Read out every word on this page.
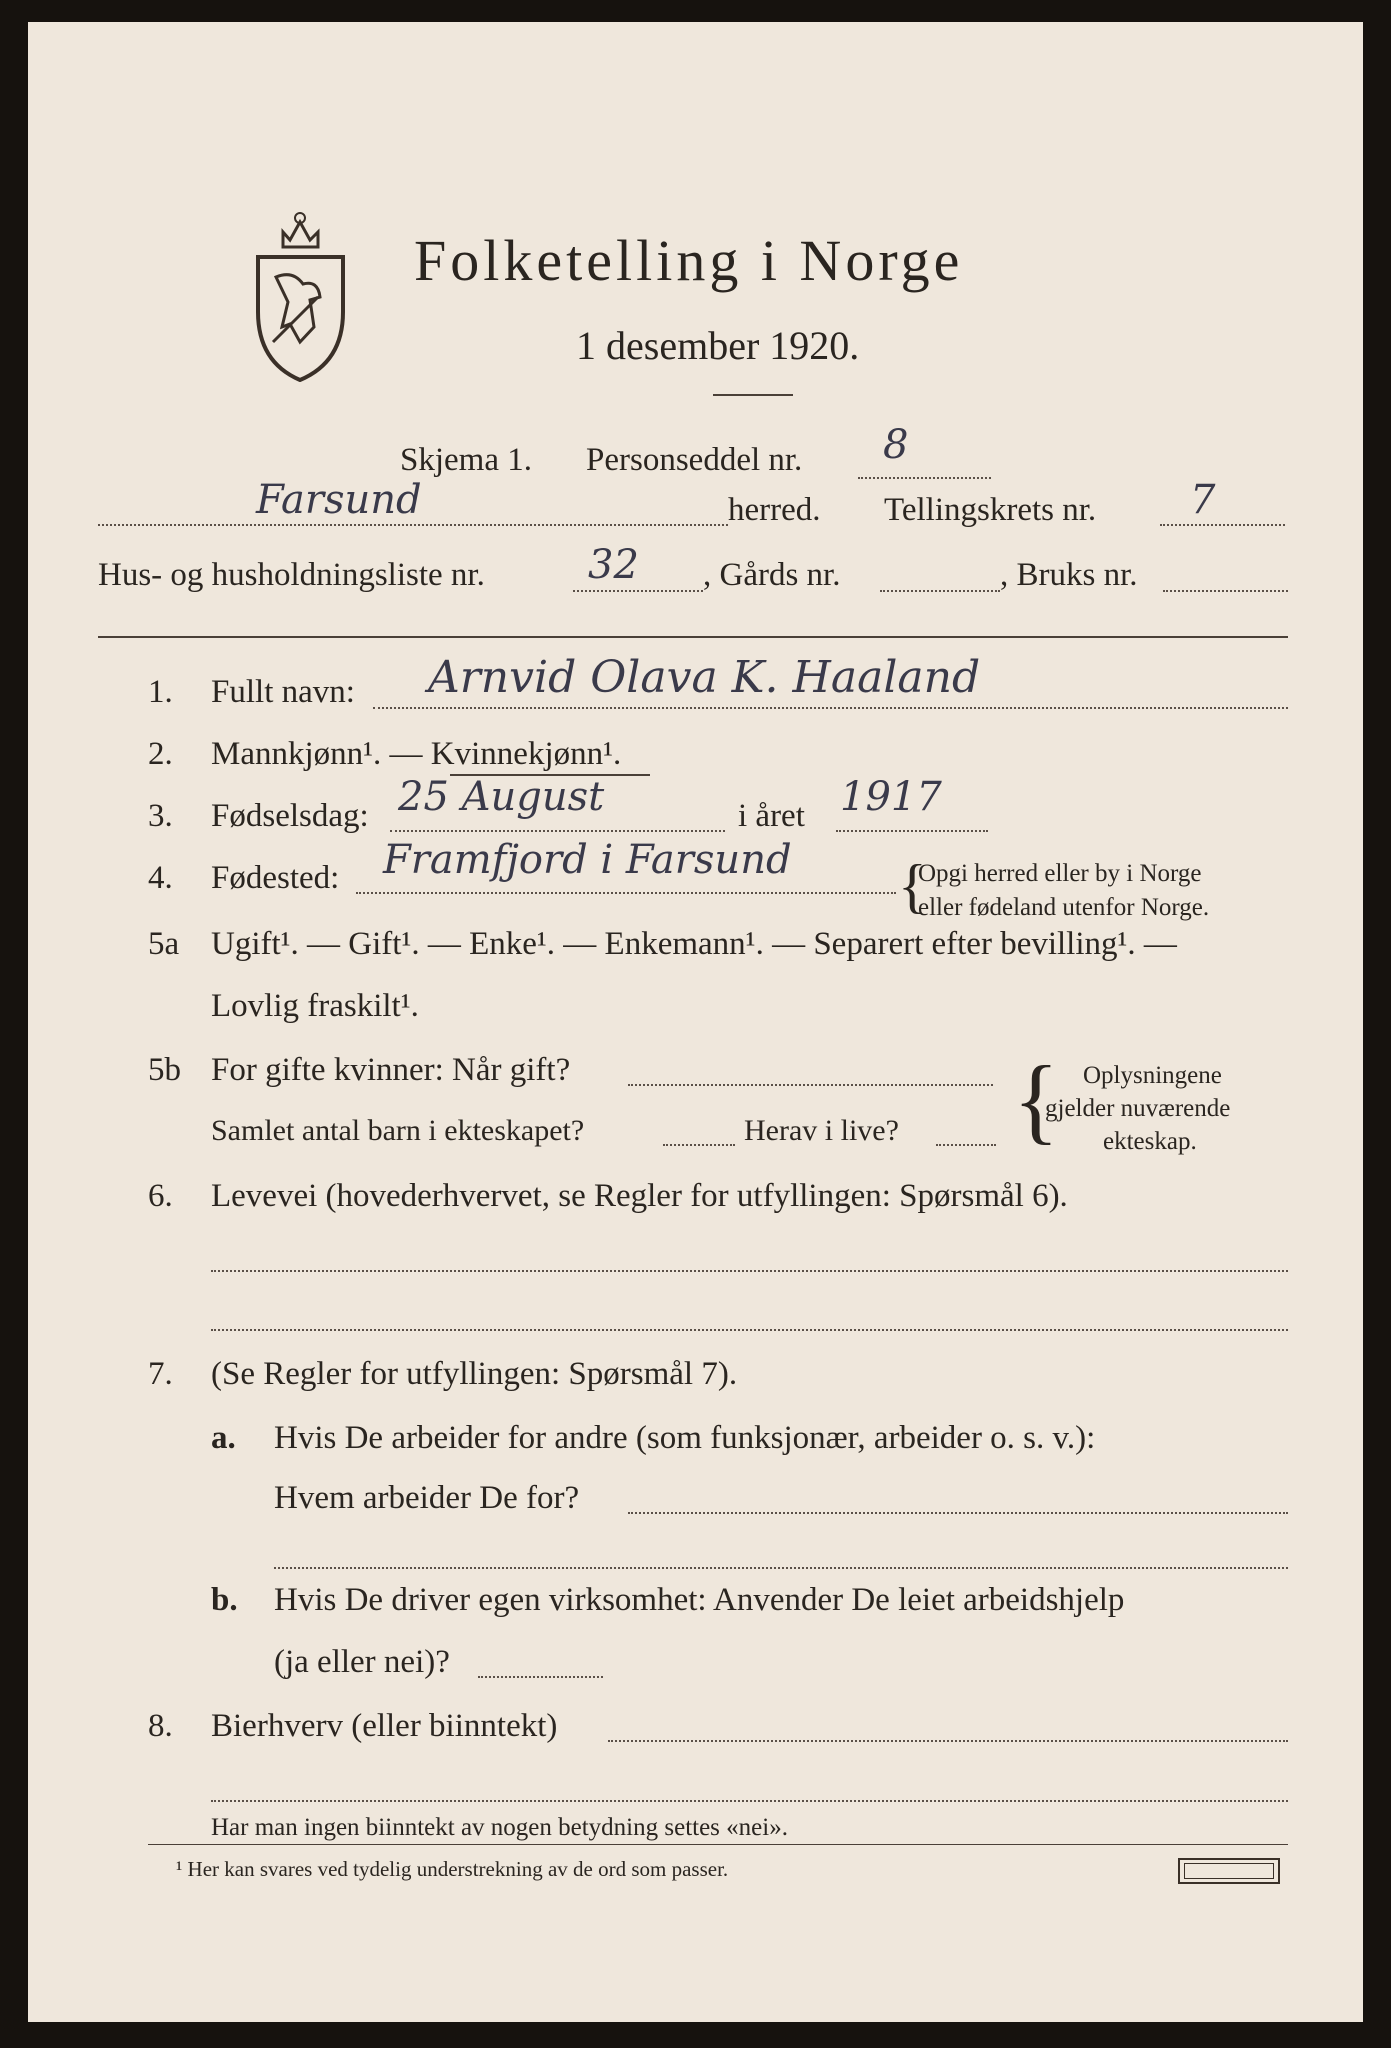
Folketelling i Norge
1 desember 1920.
Skjema 1. Personseddel nr. 8
Farsund	herred. Tellingskrets nr. 7
Hus- og husholdningsliste nr.	32 , Gårds nr.	, Bruks nr.
1. Fullt navn: Arnvid Olava K. Haaland
2. Mannkjønn¹. — Kvinnekjønn¹.
3. Fødselsdag: 25 August	i året 1917
4. Fødested: Framfjord i Farsund {
Opgi herred eller by i Norge
eller fødeland utenfor Norge.
5a Ugift¹. — Gift¹. — Enke¹. — Enkemann¹. — Separert efter bevilling¹. —
Lovlig fraskilt¹.
5b For gifte kvinner: Når gift?
Samlet antal barn i ekteskapet?	Herav i live? { Oplysningene
gjelder nuværende
ekteskap.
6. Levevei (hovederhvervet, se Regler for utfyllingen: Spørsmål 6).
7. (Se Regler for utfyllingen: Spørsmål 7).
a. Hvis De arbeider for andre (som funksjonær, arbeider o. s. v.):
Hvem arbeider De for?
b. Hvis De driver egen virksomhet: Anvender De leiet arbeidshjelp
(ja eller nei)?
8. Bierhverv (eller biinntekt)
Har man ingen biinntekt av nogen betydning settes «nei».
¹ Her kan svares ved tydelig understrekning av de ord som passer.
